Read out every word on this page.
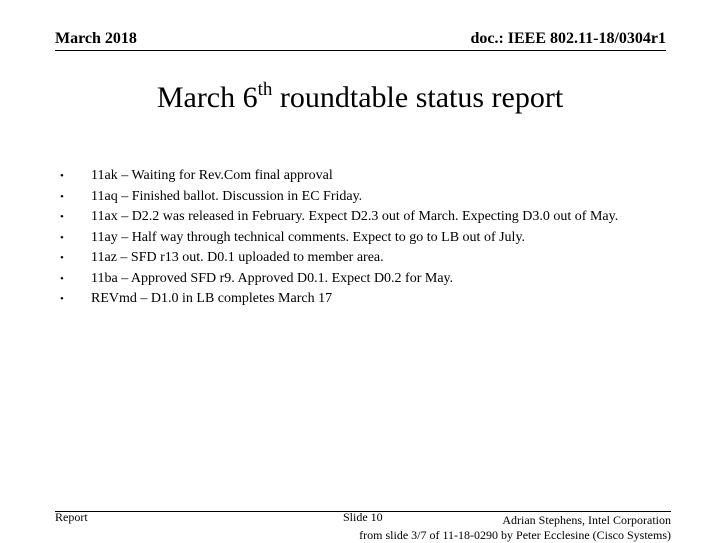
March 2018	doc.: IEEE 802.11-18/0304r1
March 6th roundtable status report
• 11ak – Waiting for Rev.Com final approval
• 11aq – Finished ballot. Discussion in EC Friday.
• 11ax – D2.2 was released in February. Expect D2.3 out of March. Expecting D3.0 out of May.
• 11ay – Half way through technical comments. Expect to go to LB out of July.
• 11az – SFD r13 out. D0.1 uploaded to member area.
• 11ba – Approved SFD r9. Approved D0.1. Expect D0.2 for May.
• REVmd – D1.0 in LB completes March 17
Report	Slide 10	Adrian Stephens, Intel Corporation
from slide 3/7 of 11-18-0290 by Peter Ecclesine (Cisco Systems)
